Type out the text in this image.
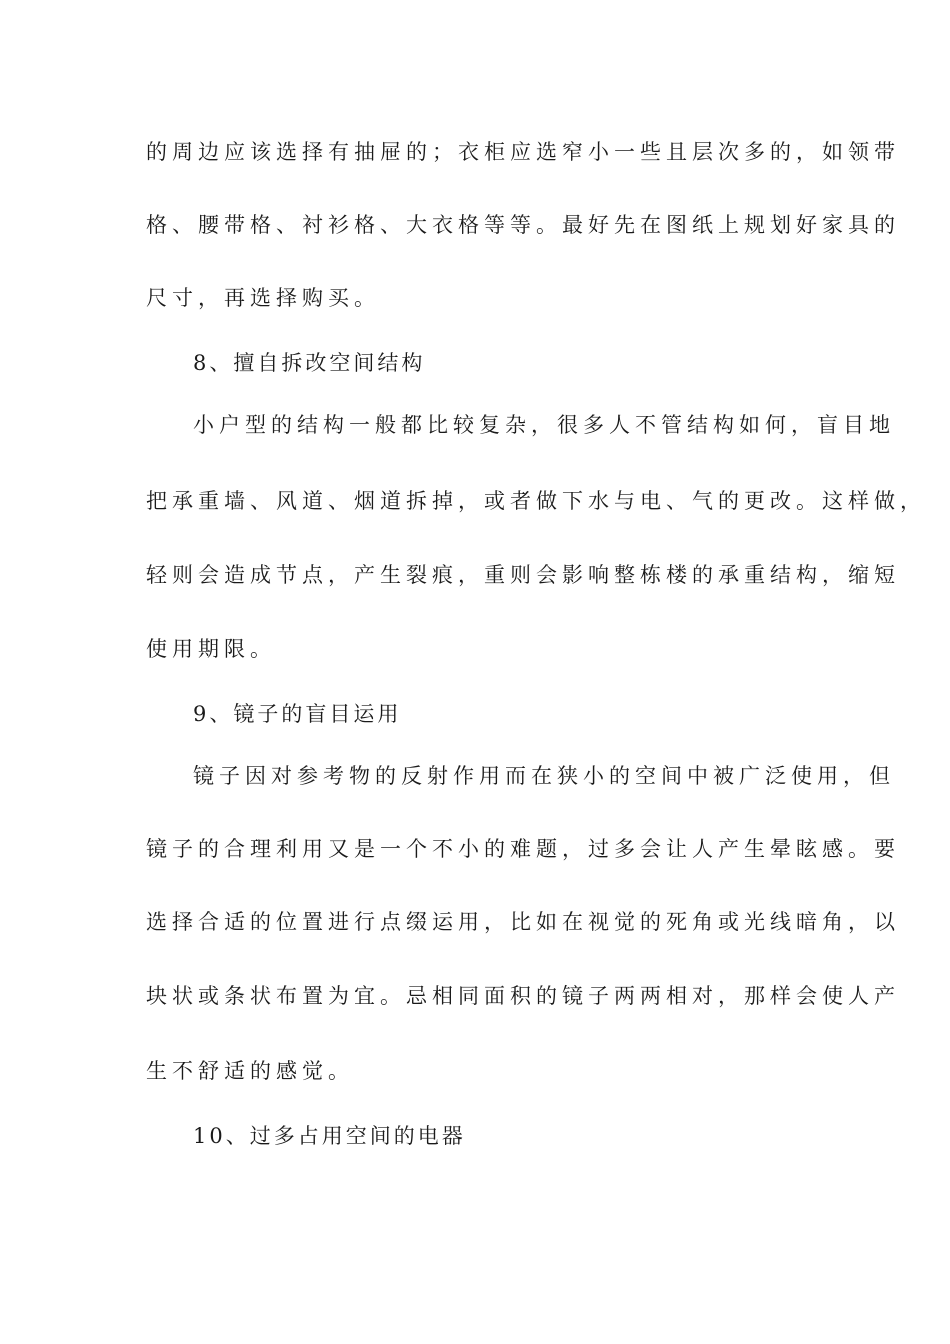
的周边应该选择有抽屉的；衣柜应选窄小一些且层次多的，如领带
格、腰带格、衬衫格、大衣格等等。最好先在图纸上规划好家具的
尺寸，再选择购买。
8、擅自拆改空间结构
小户型的结构一般都比较复杂，很多人不管结构如何，盲目地
把承重墙、风道、烟道拆掉，或者做下水与电、气的更改。这样做，
轻则会造成节点，产生裂痕，重则会影响整栋楼的承重结构，缩短
使用期限。
9、镜子的盲目运用
镜子因对参考物的反射作用而在狭小的空间中被广泛使用，但
镜子的合理利用又是一个不小的难题，过多会让人产生晕眩感。要
选择合适的位置进行点缀运用，比如在视觉的死角或光线暗角，以
块状或条状布置为宜。忌相同面积的镜子两两相对，那样会使人产
生不舒适的感觉。
10、过多占用空间的电器
